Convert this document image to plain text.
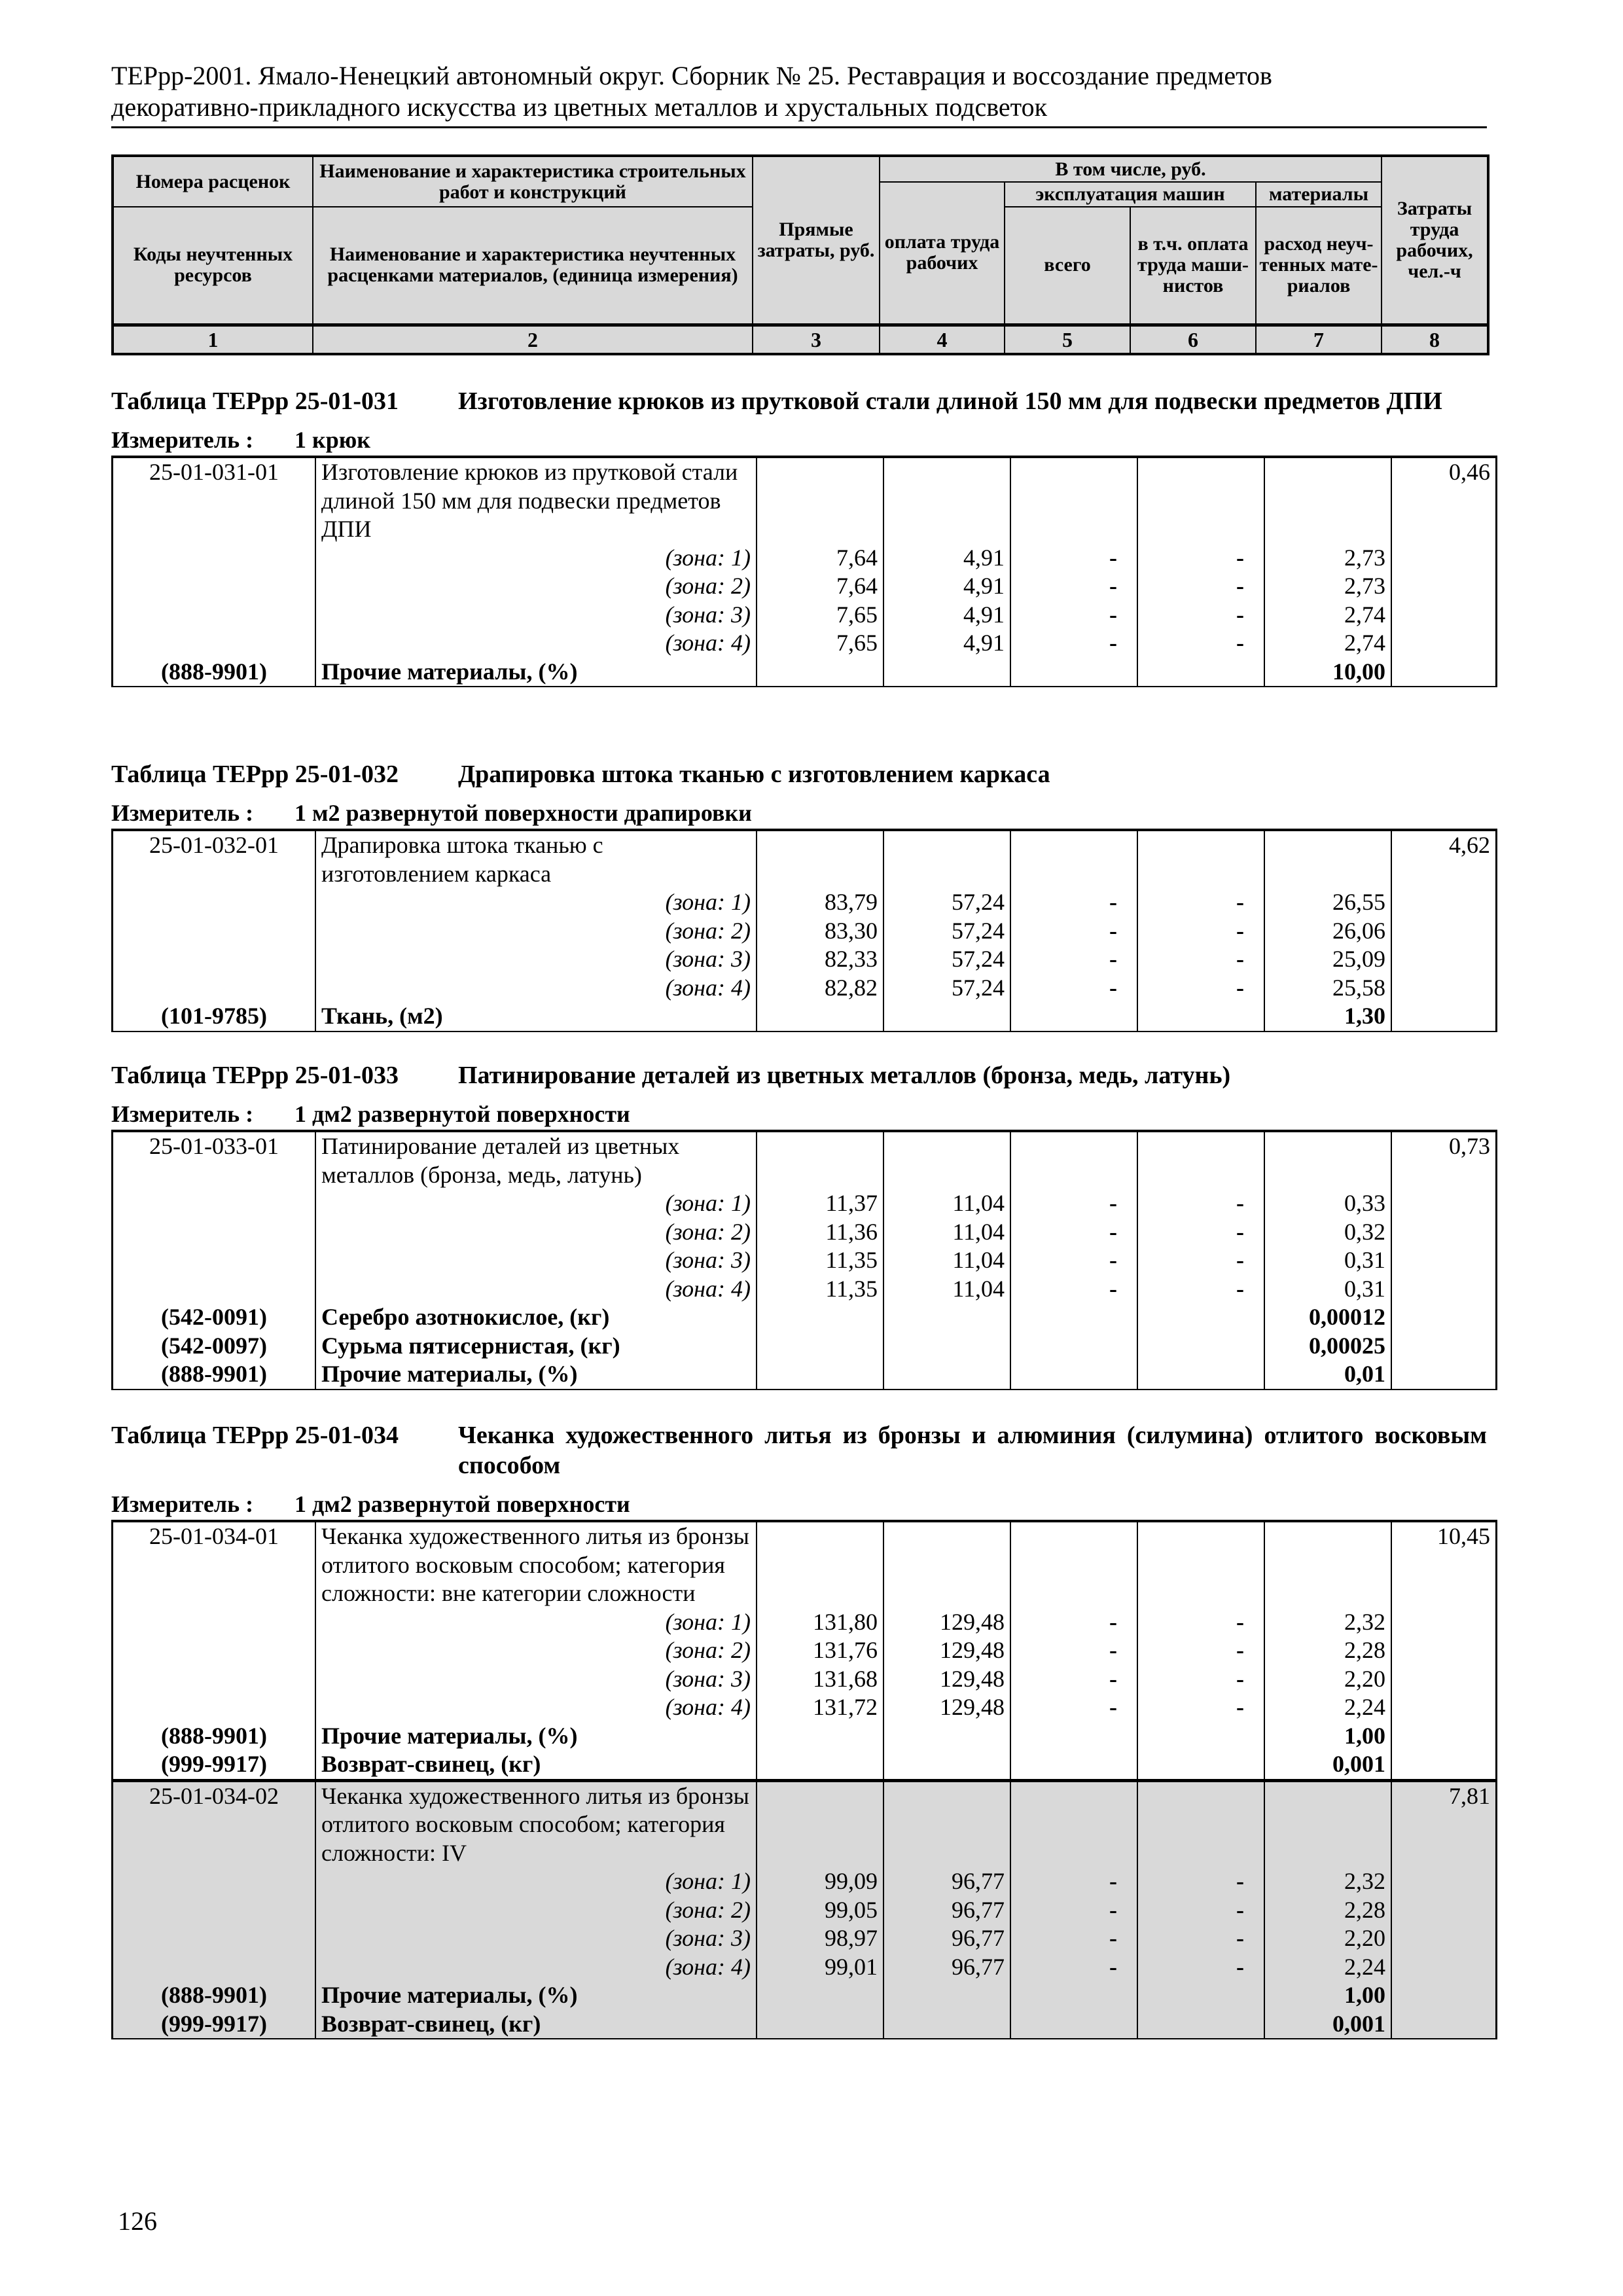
ТЕРрр-2001. Ямало-Ненецкий автономный округ. Сборник № 25. Реставрация и воссоздание предметов
декоративно-прикладного искусства из цветных металлов и хрустальных подсветок
Номера расценок	Наименование и характеристика строительных работ и конструкций	Прямые затраты, руб.	В том числе, руб.				Затраты труда рабочих, чел.-ч
			оплата труда рабочих	эксплуатация машин		материалы	
Коды неучтенных ресурсов	Наименование и характеристика неучтенных расценками материалов, (единица измерения)			всего	в т.ч. оплата труда маши-нистов	расход неуч-тенных мате-риалов	

1	2	3	4	5	6	7	8
Таблица ТЕРрр 25-01-031	Изготовление крюков из прутковой стали длиной 150 мм для подвески предметов ДПИ
Измеритель :	1 крюк
25-01-031-01	Изготовление крюков из прутковой стали длиной 150 мм для подвески предметов ДПИ						0,46
	(зона: 1)	7,64	4,91	-	-	2,73	
	(зона: 2)	7,64	4,91	-	-	2,73	
	(зона: 3)	7,65	4,91	-	-	2,74	
	(зона: 4)	7,65	4,91	-	-	2,74	
(888-9901)	Прочие материалы, (%)					10,00	
Таблица ТЕРрр 25-01-032	Драпировка штока тканью с изготовлением каркаса
Измеритель :	1 м2 развернутой поверхности драпировки
25-01-032-01	Драпировка штока тканью с изготовлением каркаса						4,62
	(зона: 1)	83,79	57,24	-	-	26,55	
	(зона: 2)	83,30	57,24	-	-	26,06	
	(зона: 3)	82,33	57,24	-	-	25,09	
	(зона: 4)	82,82	57,24	-	-	25,58	
(101-9785)	Ткань, (м2)					1,30	
Таблица ТЕРрр 25-01-033	Патинирование деталей из цветных металлов (бронза, медь, латунь)
Измеритель :	1 дм2 развернутой поверхности
25-01-033-01	Патинирование деталей из цветных металлов (бронза, медь, латунь)						0,73
	(зона: 1)	11,37	11,04	-	-	0,33	
	(зона: 2)	11,36	11,04	-	-	0,32	
	(зона: 3)	11,35	11,04	-	-	0,31	
	(зона: 4)	11,35	11,04	-	-	0,31	
(542-0091)	Серебро азотнокислое, (кг)					0,00012	
(542-0097)	Сурьма пятисернистая, (кг)					0,00025	
(888-9901)	Прочие материалы, (%)					0,01	
Таблица ТЕРрр 25-01-034	Чеканка художественного литья из бронзы и алюминия (силумина) отлитого восковым способом
Измеритель :	1 дм2 развернутой поверхности
25-01-034-01	Чеканка художественного литья из бронзы отлитого восковым способом; категория сложности: вне категории сложности						10,45
	(зона: 1)	131,80	129,48	-	-	2,32	
	(зона: 2)	131,76	129,48	-	-	2,28	
	(зона: 3)	131,68	129,48	-	-	2,20	
	(зона: 4)	131,72	129,48	-	-	2,24	
(888-9901)	Прочие материалы, (%)					1,00	
(999-9917)	Возврат-свинец, (кг)					0,001	
25-01-034-02	Чеканка художественного литья из бронзы отлитого восковым способом; категория сложности: IV						7,81
	(зона: 1)	99,09	96,77	-	-	2,32	
	(зона: 2)	99,05	96,77	-	-	2,28	
	(зона: 3)	98,97	96,77	-	-	2,20	
	(зона: 4)	99,01	96,77	-	-	2,24	
(888-9901)	Прочие материалы, (%)					1,00	
(999-9917)	Возврат-свинец, (кг)					0,001	
126
